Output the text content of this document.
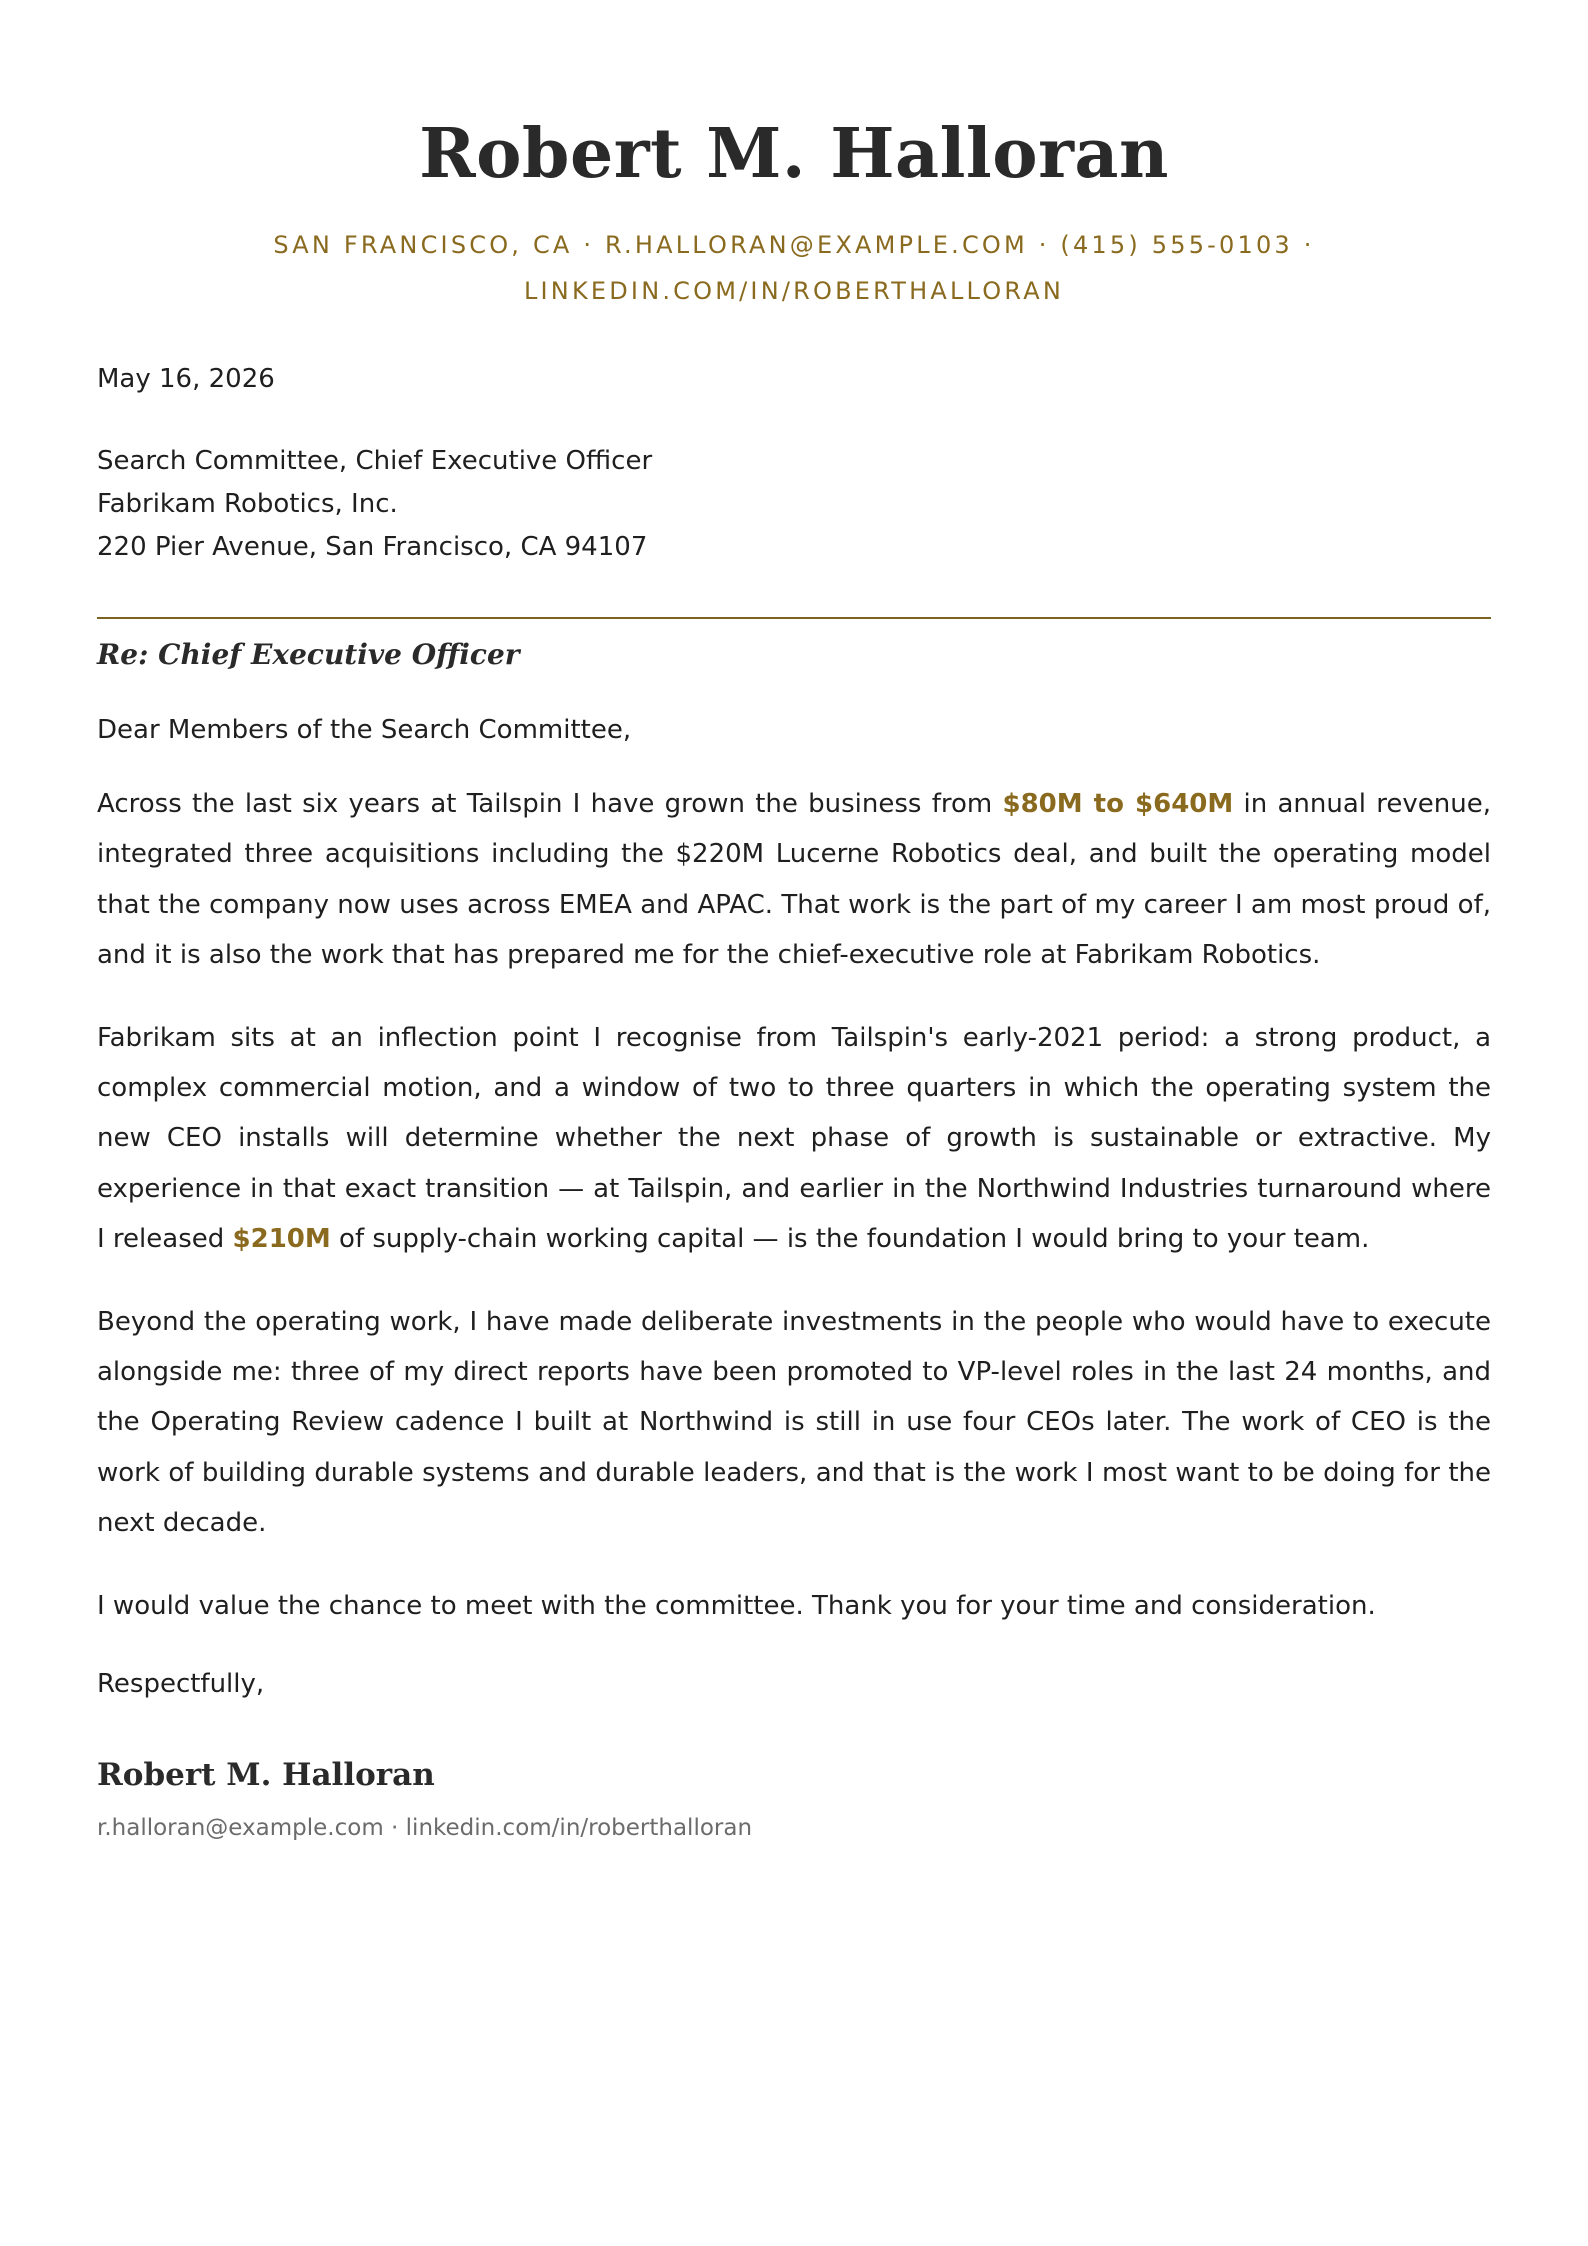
Robert M. Halloran
SAN FRANCISCO, CA · R.HALLORAN@EXAMPLE.COM · (415) 555-0103 ·
LINKEDIN.COM/IN/ROBERTHALLORAN
May 16, 2026
Search Committee, Chief Executive Officer
Fabrikam Robotics, Inc.
220 Pier Avenue, San Francisco, CA 94107
Re: Chief Executive Officer
Dear Members of the Search Committee,

Across the last six years at Tailspin I have grown the business from $80M to $640M in annual revenue, integrated three acquisitions including the $220M Lucerne Robotics deal, and built the operating model that the company now uses across EMEA and APAC. That work is the part of my career I am most proud of, and it is also the work that has prepared me for the chief-executive role at Fabrikam Robotics.

Fabrikam sits at an inflection point I recognise from Tailspin's early-2021 period: a strong product, a complex commercial motion, and a window of two to three quarters in which the operating system the new CEO installs will determine whether the next phase of growth is sustainable or extractive. My experience in that exact transition — at Tailspin, and earlier in the Northwind Industries turnaround where I released $210M of supply-chain working capital — is the foundation I would bring to your team.

Beyond the operating work, I have made deliberate investments in the people who would have to execute alongside me: three of my direct reports have been promoted to VP-level roles in the last 24 months, and the Operating Review cadence I built at Northwind is still in use four CEOs later. The work of CEO is the work of building durable systems and durable leaders, and that is the work I most want to be doing for the next decade.

I would value the chance to meet with the committee. Thank you for your time and consideration.

Respectfully,
Robert M. Halloran
r.halloran@example.com · linkedin.com/in/roberthalloran
